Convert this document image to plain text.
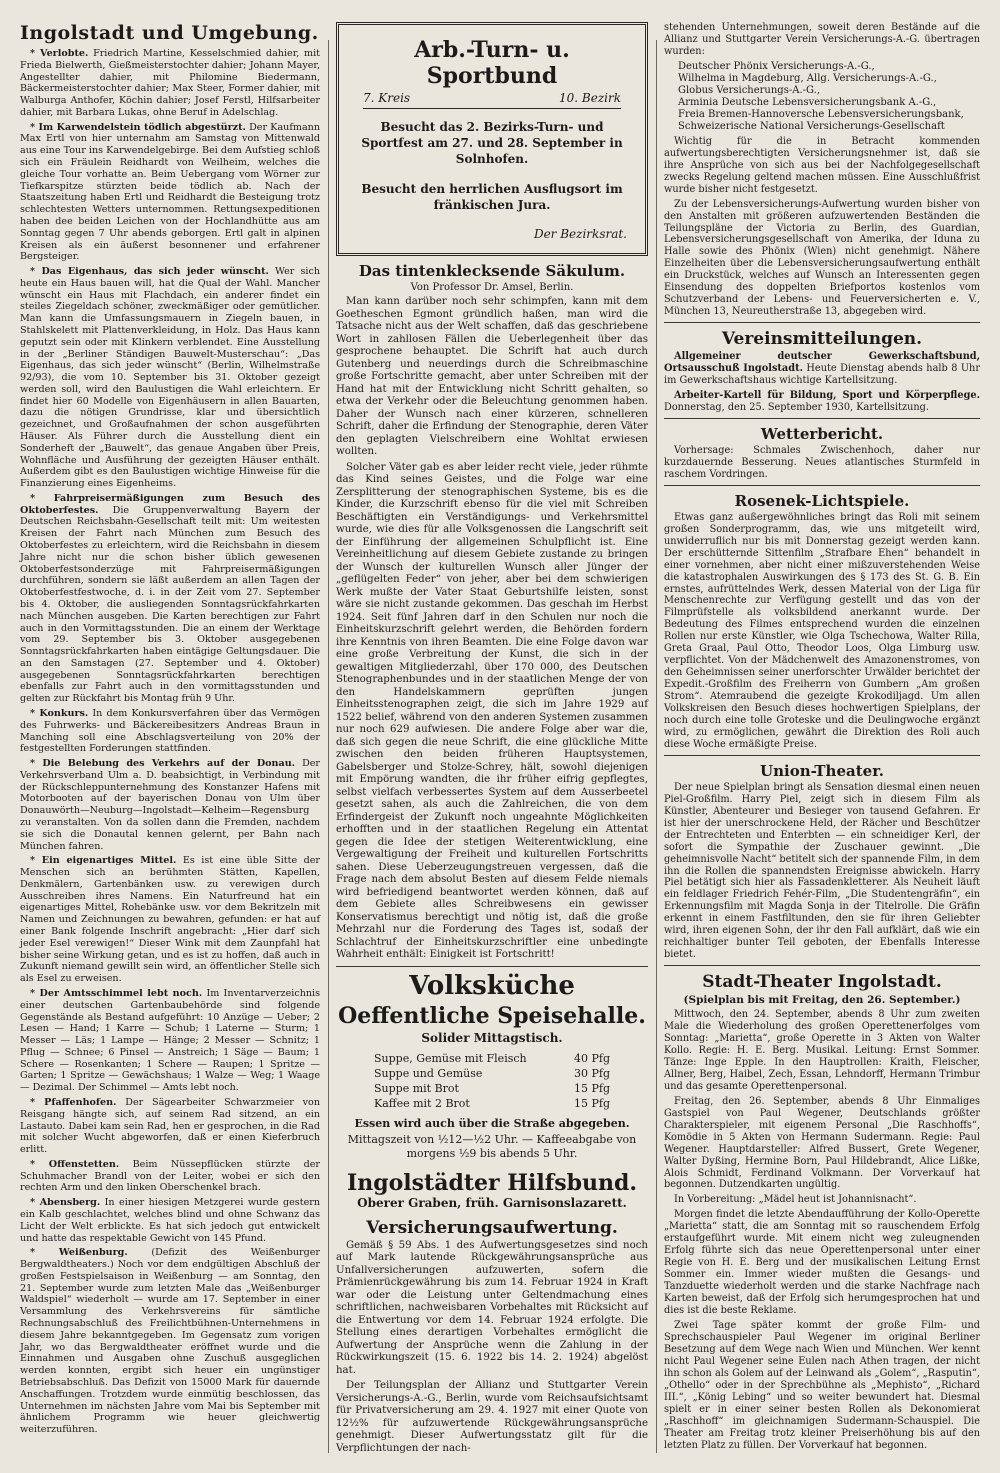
Ingolstadt und Umgebung.

* Verlobte. Friedrich Martine, Kesselschmied dahier, mit Frieda Bielwerth, Gießmeisterstochter dahier; Johann Mayer, Angestellter dahier, mit Philomine Biedermann, Bäckermeisterstochter dahier; Max Steer, Former dahier, mit Walburga Anthofer, Köchin dahier; Josef Ferstl, Hilfsarbeiter dahier, mit Barbara Lukas, ohne Beruf in Adelschlag.

* Im Karwendelstein tödlich abgestürzt. Der Kaufmann Max Ertl von hier unternahm am Samstag von Mittenwald aus eine Tour ins Karwendelgebirge. Bei dem Aufstieg schloß sich ein Fräulein Reidhardt von Weilheim, welches die gleiche Tour vorhatte an. Beim Uebergang vom Wörner zur Tiefkarspitze stürzten beide tödlich ab. Nach der Staatszeitung haben Ertl und Reidhardt die Besteigung trotz schlechtesten Wetters unternommen. Rettungsexpeditionen haben dee beiden Leichen von der Hochlandhütte aus am Sonntag gegen 7 Uhr abends geborgen. Ertl galt in alpinen Kreisen als ein äußerst besonnener und erfahrener Bergsteiger.

* Das Eigenhaus, das sich jeder wünscht. Wer sich heute ein Haus bauen will, hat die Qual der Wahl. Mancher wünscht ein Haus mit Flachdach, ein anderer findet ein steiles Ziegeldach schöner, zweckmäßiger oder gemütlicher. Man kann die Umfassungsmauern in Ziegeln bauen, in Stahlskelett mit Plattenverkleidung, in Holz. Das Haus kann geputzt sein oder mit Klinkern verblendet. Eine Ausstellung in der „Berliner Ständigen Bauwelt-Musterschau“: „Das Eigenhaus, das sich jeder wünscht“ (Berlin, Wilhelmstraße 92/93), die vom 10. September bis 31. Oktober gezeigt werden soll, wird den Baulustigen die Wahl erleichtern. Er findet hier 60 Modelle von Eigenhäusern in allen Bauarten, dazu die nötigen Grundrisse, klar und übersichtlich gezeichnet, und Großaufnahmen der schon ausgeführten Häuser. Als Führer durch die Ausstellung dient ein Sonderheft der „Bauwelt“, das genaue Angaben über Preis, Wohnfläche und Ausführung der gezeigten Häuser enthält. Außerdem gibt es den Baulustigen wichtige Hinweise für die Finanzierung eines Eigenheims.

* Fahrpreisermäßigungen zum Besuch des Oktoberfestes. Die Gruppenverwaltung Bayern der Deutschen Reichsbahn-Gesellschaft teilt mit: Um weitesten Kreisen der Fahrt nach München zum Besuch des Oktoberfestes zu erleichtern, wird die Reichsbahn in diesem Jahre nicht nur die schon bisher üblich gewesenen Oktoberfestsonderzüge mit Fahrpreisermäßigungen durchführen, sondern sie läßt außerdem an allen Tagen der Oktoberfestfestwoche, d. i. in der Zeit vom 27. September bis 4. Oktober, die ausliegenden Sonntagsrückfahrkarten nach München ausgeben. Die Karten berechtigen zur Fahrt auch in den Vormittagsstunden. Die an einem der Werktage vom 29. September bis 3. Oktober ausgegebenen Sonntagsrückfahrkarten haben eintägige Geltungsdauer. Die an den Samstagen (27. September und 4. Oktober) ausgegebenen Sonntagsrückfahrkarten berechtigen ebenfalls zur Fahrt auch in den vormittagsstunden und gelten zur Rückfahrt bis Montag früh 9 Uhr.

* Konkurs. In dem Konkursverfahren über das Vermögen des Fuhrwerks- und Bäckereibesitzers Andreas Braun in Manching soll eine Abschlagsverteilung von 20% der festgestellten Forderungen stattfinden.

* Die Belebung des Verkehrs auf der Donau. Der Verkehrsverband Ulm a. D. beabsichtigt, in Verbindung mit der Rückschleppunternehmung des Konstanzer Hafens mit Motorbooten auf der bayerischen Donau von Ulm über Donauwörth—Neuburg—Ingolstadt—Kelheim—Regensburg zu veranstalten. Von da sollen dann die Fremden, nachdem sie sich die Donautal kennen gelernt, per Bahn nach München fahren.

* Ein eigenartiges Mittel. Es ist eine üble Sitte der Menschen sich an berühmten Stätten, Kapellen, Denkmälern, Gartenbänken usw. zu verewigen durch Ausschreiben ihres Namens. Ein Naturfreund hat ein eigenartiges Mittel, Rohebänke usw. vor dem Bekritzeln mit Namen und Zeichnungen zu bewahren, gefunden: er hat auf einer Bank folgende Inschrift angebracht: „Hier darf sich jeder Esel verewigen!“ Dieser Wink mit dem Zaunpfahl hat bisher seine Wirkung getan, und es ist zu hoffen, daß auch in Zukunft niemand gewillt sein wird, an öffentlicher Stelle sich als Esel zu erweisen.

* Der Amtsschimmel lebt noch. Im Inventarverzeichnis einer deutschen Gartenbaubehörde sind folgende Gegenstände als Bestand aufgeführt: 10 Anzüge — Ueber; 2 Lesen — Hand; 1 Karre — Schub; 1 Laterne — Sturm; 1 Messer — Läs; 1 Lampe — Hänge; 2 Messer — Schnitz; 1 Pflug — Schnee; 6 Pinsel — Anstreich; 1 Säge — Baum; 1 Schere — Rosenkanten; 1 Schere — Raupen; 1 Spritze — Garten; 1 Spritze — Gewächshaus; 1 Walze — Weg; 1 Waage — Dezimal. Der Schimmel — Amts lebt noch.

* Pfaffenhofen. Der Sägearbeiter Schwarzmeier von Reisgang hängte sich, auf seinem Rad sitzend, an ein Lastauto. Dabei kam sein Rad, hen er gesprochen, in die Rad mit solcher Wucht abgeworfen, daß er einen Kieferbruch erlitt.

* Offenstetten. Beim Nüssepflücken stürzte der Schuhmacher Brandl von der Leiter, wobei er sich den rechten Arm und den linken Oberschenkel brach.

* Abensberg. In einer hiesigen Metzgerei wurde gestern ein Kalb geschlachtet, welches blind und ohne Schwanz das Licht der Welt erblickte. Es hat sich jedoch gut entwickelt und hatte das respektable Gewicht von 145 Pfund.

* Weißenburg. (Defizit des Weißenburger Bergwaldtheaters.) Noch vor dem endgültigen Abschluß der großen Festspielsaison in Weißenburg — am Sonntag, den 21. September wurde zum letzten Male das „Weißenburger Waldspiel“ wiederholt — wurde am 17. September in einer Versammlung des Verkehrsvereins für sämtliche Rechnungsabschluß des Freilichtbühnen-Unternehmens in diesem Jahre bekanntgegeben. Im Gegensatz zum vorigen Jahr, wo das Bergwaldtheater eröffnet wurde und die Einnahmen und Ausgaben ohne Zuschuß ausgeglichen werden konnten, ergibt sich heuer ein ungünstiger Betriebsabschluß. Das Defizit von 15000 Mark für dauernde Anschaffungen. Trotzdem wurde einmütig beschlossen, das Unternehmen im nächsten Jahre vom Mai bis September mit ähnlichem Programm wie heuer gleichwertig weiterzuführen.

Arb.-Turn- u. Sportbund
7. Kreis	10. Bezirk
Besucht das 2. Bezirks-Turn- und Sportfest am 27. und 28. September in Solnhofen.
Besucht den herrlichen Ausflugsort im fränkischen Jura.
Der Bezirksrat.
Das tintenklecksende Säkulum.
Von Professor Dr. Amsel, Berlin.

Man kann darüber noch sehr schimpfen, kann mit dem Goetheschen Egmont gründlich haßen, man wird die Tatsache nicht aus der Welt schaffen, daß das geschriebene Wort in zahllosen Fällen die Ueberlegenheit über das gesprochene behauptet. Die Schrift hat auch durch Gutenberg und neuerdings durch die Schreibmaschine große Fortschritte gemacht, aber unter Schreiben mit der Hand hat mit der Entwicklung nicht Schritt gehalten, so etwa der Verkehr oder die Beleuchtung genommen haben. Daher der Wunsch nach einer kürzeren, schnelleren Schrift, daher die Erfindung der Stenographie, deren Väter den geplagten Vielschreibern eine Wohltat erwiesen wollten.

Solcher Väter gab es aber leider recht viele, jeder rühmte das Kind seines Geistes, und die Folge war eine Zersplitterung der stenographischen Systeme, bis es die Kinder, die Kurzschrift ebenso für die viel mit Schreiben Beschäftigten ein Verständigungs- und Verkehrsmittel wurde, wie dies für alle Volksgenossen die Langschrift seit der Einführung der allgemeinen Schulpflicht ist. Eine Vereinheitlichung auf diesem Gebiete zustande zu bringen der Wunsch der kulturellen Wunsch aller Jünger der „geflügelten Feder“ von jeher, aber bei dem schwierigen Werk mußte der Vater Staat Geburtshilfe leisten, sonst wäre sie nicht zustande gekommen. Das geschah im Herbst 1924. Seit fünf Jahren darf in den Schulen nur noch die Einheitskurzschrift gelehrt werden, die Behörden fordern ihre Kenntnis von ihren Beamten. Die eine Folge davon war eine große Verbreitung der Kunst, die sich in der gewaltigen Mitgliederzahl, über 170 000, des Deutschen Stenographenbundes und in der staatlichen Menge der von den Handelskammern geprüften jungen Einheitsstenographen zeigt, die sich im Jahre 1929 auf 1522 belief, während von den anderen Systemen zusammen nur noch 629 aufwiesen. Die andere Folge aber war die, daß sich gegen die neue Schrift, die eine glückliche Mitte zwischen den beiden früheren Hauptsystemen, Gabelsberger und Stolze-Schrey, hält, sowohl diejenigen mit Empörung wandten, die ihr früher eifrig gepflegtes, selbst vielfach verbessertes System auf dem Ausserbeetel gesetzt sahen, als auch die Zahlreichen, die von dem Erfindergeist der Zukunft noch ungeahnte Möglichkeiten erhofften und in der staatlichen Regelung ein Attentat gegen die Idee der stetigen Weiterentwicklung, eine Vergewaltigung der Freiheit und kulturellen Fortschritts sahen. Diese Ueberzeugungstreuen vergessen, daß die Frage nach dem absolut Besten auf diesem Felde niemals wird befriedigend beantwortet werden können, daß auf dem Gebiete alles Schreibwesens ein gewisser Konservatismus berechtigt und nötig ist, daß die große Mehrzahl nur die Forderung des Tages ist, sodaß der Schlachtruf der Einheitskurzschriftler eine unbedingte Wahrheit enthält: Einigkeit ist Fortschritt!

Volksküche
Oeffentliche Speisehalle.
Solider Mittagstisch.
Suppe, Gemüse mit Fleisch	40 Pfg
Suppe und Gemüse	30 Pfg
Suppe mit Brot	15 Pfg
Kaffee mit 2 Brot	15 Pfg
Essen wird auch über die Straße abgegeben.
Mittagszeit von ½12—½2 Uhr. — Kaffeeabgabe von
morgens ½9 bis abends 5 Uhr.
Ingolstädter Hilfsbund.
Oberer Graben, früh. Garnisonslazarett.
Versicherungsaufwertung.

Gemäß § 59 Abs. 1 des Aufwertungsgesetzes sind noch auf Mark lautende Rückgewährungsansprüche aus Unfallversicherungen aufzuwerten, sofern die Prämienrückgewährung bis zum 14. Februar 1924 in Kraft war oder die Leistung unter Geltendmachung eines schriftlichen, nachweisbaren Vorbehaltes mit Rücksicht auf die Entwertung vor dem 14. Februar 1924 erfolgte. Die Stellung eines derartigen Vorbehaltes ermöglicht die Aufwertung der Ansprüche wenn die Zahlung in der Rückwirkungszeit (15. 6. 1922 bis 14. 2. 1924) abgelöst hat.

Der Teilungsplan der Allianz und Stuttgarter Verein Versicherungs-A.-G., Berlin, wurde vom Reichsaufsichtsamt für Privatversicherung am 29. 4. 1927 mit einer Quote von 12½% für aufzuwertende Rückgewährungsansprüche genehmigt. Dieser Aufwertungsstatz gilt für die Verpflichtungen der nach-

stehenden Unternehmungen, soweit deren Bestände auf die Allianz und Stuttgarter Verein Versicherungs-A.-G. übertragen wurden:

Deutscher Phönix Versicherungs-A.-G.,
Wilhelma in Magdeburg, Allg. Versicherungs-A.-G.,
Globus Versicherungs-A.-G.,
Arminia Deutsche Lebensversicherungsbank A.-G.,
Freia Bremen-Hannoversche Lebensversicherungsbank,
Schweizerische National Versicherungs-Gesellschaft

Wichtig für die in Betracht kommenden aufwertungsberechtigten Versicherungsnehmer ist, daß sie ihre Ansprüche von sich aus bei der Nachfolgegesellschaft zwecks Regelung geltend machen müssen. Eine Ausschlußfrist wurde bisher nicht festgesetzt.

Zu der Lebensversicherungs-Aufwertung wurden bisher von den Anstalten mit größeren aufzuwertenden Beständen die Teilungspläne der Victoria zu Berlin, des Guardian, Lebensversicherungsgesellschaft von Amerika, der Iduna zu Halle sowie des Phönix (Wien) nicht genehmigt. Nähere Einzelheiten über die Lebensversicherungsaufwertung enthält ein Druckstück, welches auf Wunsch an Interessenten gegen Einsendung des doppelten Briefportos kostenlos vom Schutzverband der Lebens- und Feuerversicherten e. V., München 13, Neureutherstraße 13, abgegeben wird.

Vereinsmitteilungen.

Allgemeiner deutscher Gewerkschaftsbund, Ortsausschuß Ingolstadt. Heute Dienstag abends halb 8 Uhr im Gewerkschaftshaus wichtige Kartellsitzung.

Arbeiter-Kartell für Bildung, Sport und Körperpflege. Donnerstag, den 25. September 1930, Kartellsitzung.

Wetterbericht.

Vorhersage: Schmales Zwischenhoch, daher nur kurzdauernde Besserung. Neues atlantisches Sturmfeld in raschem Vordringen.

Rosenek-Lichtspiele.

Etwas ganz außergewöhnliches bringt das Roli mit seinem großen Sonderprogramm, das, wie uns mitgeteilt wird, unwiderruflich nur bis mit Donnerstag gezeigt werden kann. Der erschütternde Sittenfilm „Strafbare Ehen“ behandelt in einer vornehmen, aber nicht einer mißzuverstehenden Weise die katastrophalen Auswirkungen des § 173 des St. G. B. Ein ernstes, aufrüttelndes Werk, dessen Material von der Liga für Menschenrechte zur Verfügung gestellt und das von der Filmprüfstelle als volksbildend anerkannt wurde. Der Bedeutung des Filmes entsprechend wurden die einzelnen Rollen nur erste Künstler, wie Olga Tschechowa, Walter Rilla, Greta Graal, Paul Otto, Theodor Loos, Olga Limburg usw. verpflichtet. Von der Mädchenwelt des Amazonenstromes, von den Geheimnissen seiner unerforschter Urwälder berichtet der Expedit.-Großfilm des Freiherrn von Gumbern „Am großen Strom“. Atemraubend die gezeigte Krokodiljagd. Um allen Volkskreisen den Besuch dieses hochwertigen Spielplans, der noch durch eine tolle Groteske und die Deulingwoche ergänzt wird, zu ermöglichen, gewährt die Direktion des Roli auch diese Woche ermäßigte Preise.

Union-Theater.

Der neue Spielplan bringt als Sensation diesmal einen neuen Piel-Großfilm. Harry Piel, zeigt sich in diesem Film als Künstler, Abenteurer und Besieger von tausend Gefahren. Er ist hier der unerschrockene Held, der Rächer und Beschützer der Entrechteten und Enterbten — ein schneidiger Kerl, der sofort die Sympathie der Zuschauer gewinnt. „Die geheimnisvolle Nacht“ betitelt sich der spannende Film, in dem ihn die Rollen die spannendsten Ereignisse abwickeln. Harry Piel betätigt sich hier als Fassadenkletterer. Als Neuheit läuft ein feldlager Friedrich Fehér-Film, „Die Studentengräfin“, ein Erkennungsfilm mit Magda Sonja in der Titelrolle. Die Gräfin erkennt in einem Fastfiltunden, den sie für ihren Geliebter wird, ihren eigenen Sohn, der ihr den Fall aufklärt, daß wie ein reichhaltiger bunter Teil geboten, der Ebenfalls Interesse bietet.

Stadt-Theater Ingolstadt.
(Spielplan bis mit Freitag, den 26. September.)

Mittwoch, den 24. September, abends 8 Uhr zum zweiten Male die Wiederholung des großen Operettenerfolges vom Sonntag: „Marietta“, große Operette in 3 Akten von Walter Kollo. Regie: H. E. Berg. Musikal. Leitung: Ernst Sommer. Tänze: Inge Epple. In den Hauptrollen: Kraith, Fleischer, Allner, Berg, Haibel, Zech, Essan, Lehndorff, Hermann Trimbur und das gesamte Operettenpersonal.

Freitag, den 26. September, abends 8 Uhr Einmaliges Gastspiel von Paul Wegener, Deutschlands größter Charakterspieler, mit eigenem Personal „Die Raschhoffs“, Komödie in 5 Akten von Hermann Sudermann. Regie: Paul Wegener. Hauptdarsteller: Alfred Bussert, Grete Wegener, Walter Dyßing, Hermine Born, Paul Hildebrandt, Alice Lißke, Alois Schmidt, Ferdinand Volkmann. Der Vorverkauf hat begonnen. Dutzendkarten ungültig.

In Vorbereitung: „Mädel heut ist Johannisnacht“.

Morgen findet die letzte Abendaufführung der Kollo-Operette „Marietta“ statt, die am Sonntag mit so rauschendem Erfolg erstaufgeführt wurde. Mit einem nicht weg zuleugnenden Erfolg führte sich das neue Operettenpersonal unter einer Regie von H. E. Berg und der musikalischen Leitung Ernst Sommer ein. Immer wieder mußten die Gesangs- und Tanzduette wiederholt werden und die starke Nachfrage nach Karten beweist, daß der Erfolg sich herumgesprochen hat und dies ist die beste Reklame.

Zwei Tage später kommt der große Film- und Sprechschauspieler Paul Wegener im original Berliner Besetzung auf dem Wege nach Wien und München. Wer kennt nicht Paul Wegener seine Eulen nach Athen tragen, der nicht ihn schon als Golem auf der Leinwand als „Golem“, „Rasputin“, „Othello“ oder in der Sprechbühne als „Mephisto“, „Richard III.“, „König Lebing“ und so weiter bewundert hat. Diesmal spielt er in einer seiner besten Rollen als Dekonomierat „Raschhoff“ im gleichnamigen Sudermann-Schauspiel. Die Theater am Freitag trotz kleiner Preiserhöhung bis auf den letzten Platz zu füllen. Der Vorverkauf hat begonnen.
